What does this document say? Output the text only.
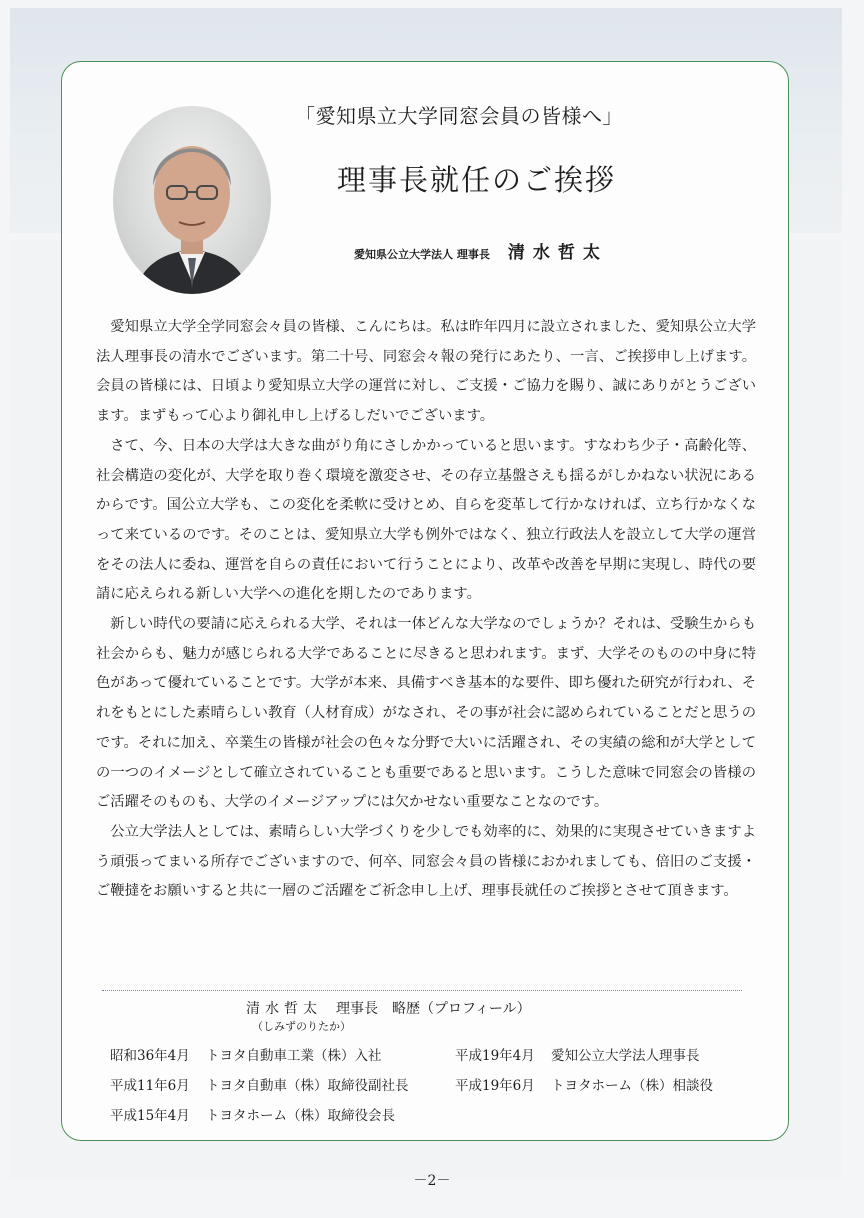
「愛知県立大学同窓会員の皆様へ」
理事長就任のご挨拶
愛知県公立大学法人 理事長 清水哲太

愛知県立大学全学同窓会々員の皆様、こんにちは。私は昨年四月に設立されました、愛知県公立大学法人理事長の清水でございます。第二十号、同窓会々報の発行にあたり、一言、ご挨拶申し上げます。会員の皆様には、日頃より愛知県立大学の運営に対し、ご支援・ご協力を賜り、誠にありがとうございます。まずもって心より御礼申し上げるしだいでございます。

さて、今、日本の大学は大きな曲がり角にさしかかっていると思います。すなわち少子・高齢化等、社会構造の変化が、大学を取り巻く環境を激変させ、その存立基盤さえも揺るがしかねない状況にあるからです。国公立大学も、この変化を柔軟に受けとめ、自らを変革して行かなければ、立ち行かなくなって来ているのです。そのことは、愛知県立大学も例外ではなく、独立行政法人を設立して大学の運営をその法人に委ね、運営を自らの責任において行うことにより、改革や改善を早期に実現し、時代の要請に応えられる新しい大学への進化を期したのであります。

新しい時代の要請に応えられる大学、それは一体どんな大学なのでしょうか？それは、受験生からも社会からも、魅力が感じられる大学であることに尽きると思われます。まず、大学そのものの中身に特色があって優れていることです。大学が本来、具備すべき基本的な要件、即ち優れた研究が行われ、それをもとにした素晴らしい教育（人材育成）がなされ、その事が社会に認められていることだと思うのです。それに加え、卒業生の皆様が社会の色々な分野で大いに活躍され、その実績の総和が大学としての一つのイメージとして確立されていることも重要であると思います。こうした意味で同窓会の皆様のご活躍そのものも、大学のイメージアップには欠かせない重要なことなのです。

公立大学法人としては、素晴らしい大学づくりを少しでも効率的に、効果的に実現させていきますよう頑張ってまいる所存でございますので、何卒、同窓会々員の皆様におかれましても、倍旧のご支援・ご鞭撻をお願いすると共に一層のご活躍をご祈念申し上げ、理事長就任のご挨拶とさせて頂きます。

清水哲太 理事長 略歴（プロフィール）
（しみずのりたか）
昭和36年4月 トヨタ自動車工業（株）入社
平成11年6月 トヨタ自動車（株）取締役副社長
平成15年4月 トヨタホーム（株）取締役会長
平成19年4月 愛知公立大学法人理事長
平成19年6月 トヨタホーム（株）相談役
－2－
